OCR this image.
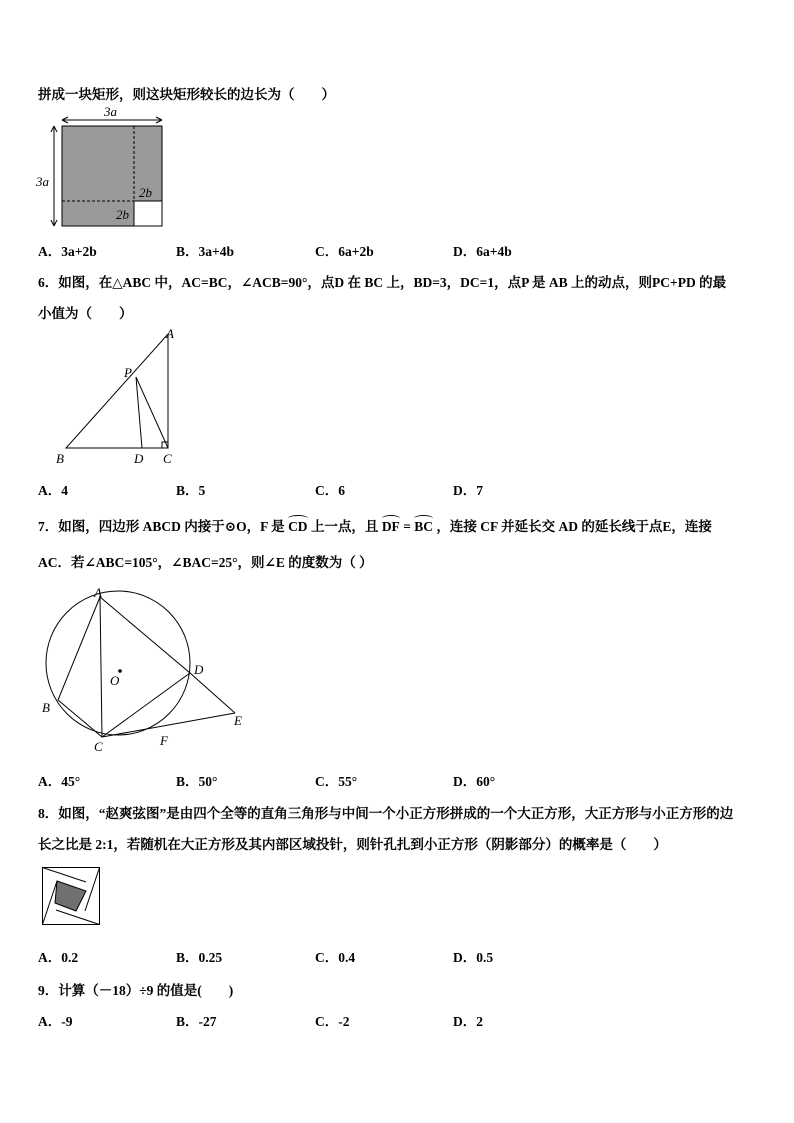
拼成一块矩形，则这块矩形较长的边长为（　　）
3a
3a
2b
2b
A．3a+2b	B．3a+4b	C．6a+2b	D．6a+4b
6．如图，在△ABC 中，AC=BC，∠ACB=90°，点D 在 BC 上，BD=3，DC=1，点P 是 AB 上的动点，则PC+PD 的最
小值为（　　）
A
P
B	D C
A．4	B．5	C．6	D．7
7．如图，四边形 ABCD 内接于⊙O，F 是 CD 上一点，且 DF = BC ，连接 CF 并延长交 AD 的延长线于点E，连接
AC．若∠ABC=105°，∠BAC=25°，则∠E 的度数为（ ）
A
O
D
B
E
C	F
A．45°	B．50°	C．55°	D．60°
8．如图，“赵爽弦图”是由四个全等的直角三角形与中间一个小正方形拼成的一个大正方形，大正方形与小正方形的边
长之比是 2:1，若随机在大正方形及其内部区域投针，则针孔扎到小正方形（阴影部分）的概率是（　　）
A．0.2	B．0.25	C．0.4	D．0.5
9．计算（－18）÷9 的值是(　　)
A．-9	B．-27	C．-2	D．2
